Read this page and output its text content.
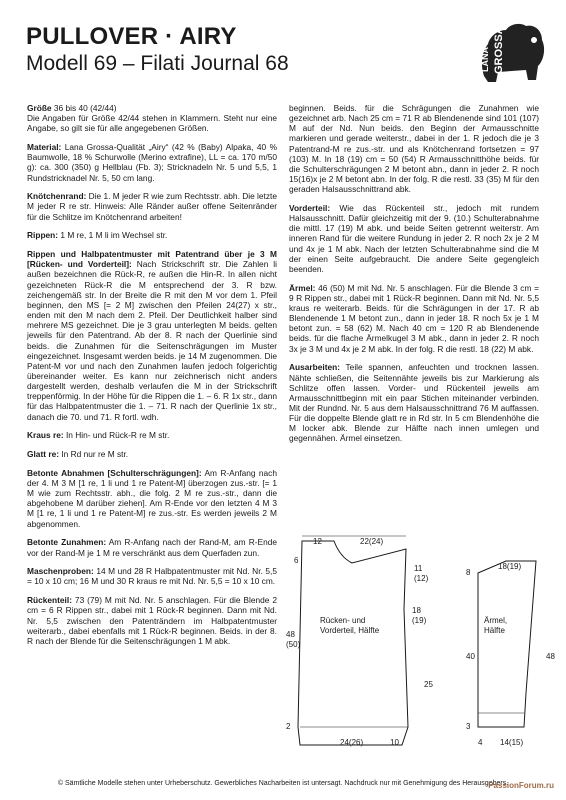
PULLOVER · AIRY
Modell 69 – Filati Journal 68	LANA GROSSA

Größe 36 bis 40 (42/44)
Die Angaben für Größe 42/44 stehen in Klammern. Steht nur eine Angabe, so gilt sie für alle angegebenen Größen.

Material: Lana Grossa-Qualität „Airy“ (42 % (Baby) Alpaka, 40 % Baumwolle, 18 % Schurwolle (Merino extrafine), LL = ca. 170 m/50 g): ca. 300 (350) g Hellblau (Fb. 3); Stricknadeln Nr. 5 und 5,5, 1 Rundstricknadel Nr. 5, 50 cm lang.

Knötchenrand: Die 1. M jeder R wie zum Rechtsstr. abh. Die letzte M jeder R re str. Hinweis: Alle Ränder außer offene Seitenränder für die Schlitze im Knötchenrand arbeiten!

Rippen: 1 M re, 1 M li im Wechsel str.

Rippen und Halbpatentmuster mit Patentrand über je 3 M [Rücken- und Vorderteil]: Nach Strickschrift str. Die Zahlen li außen bezeichnen die Rück-R, re außen die Hin-R. In allen nicht gezeichneten Rück-R die M entsprechend der 3. R bzw. zeichengemäß str. In der Breite die R mit den M vor dem 1. Pfeil beginnen, den MS [= 2 M] zwischen den Pfeilen 24(27) x str., enden mit den M nach dem 2. Pfeil. Der Deutlichkeit halber sind mehrere MS gezeichnet. Die je 3 grau unterlegten M beids. gelten jeweils für den Patentrand. Ab der 8. R nach der Querlinie sind beids. die Zunahmen für die Seitenschrägungen im Muster eingezeichnet. Insgesamt werden beids. je 14 M zugenommen. Die Patent-M vor und nach den Zunahmen laufen jedoch folgerichtig übereinander weiter. Es kann nur zeichnerisch nicht anders dargestellt werden, deshalb verlaufen die M in der Strickschrift treppenförmig. In der Höhe für die Rippen die 1. – 6. R 1x str., dann für das Halbpatentmuster die 1. – 71. R nach der Querlinie 1x str., danach die 70. und 71. R fortl. wdh.

Kraus re: In Hin- und Rück-R re M str.

Glatt re: In Rd nur re M str.

Betonte Abnahmen [Schulterschrägungen]: Am R-Anfang nach der 4. M 3 M [1 re, 1 li und 1 re Patent-M] überzogen zus.-str. [= 1 M wie zum Rechtsstr. abh., die folg. 2 M re zus.-str., dann die abgehobene M darüber ziehen]. Am R-Ende vor den letzten 4 M 3 M [1 re, 1 li und 1 re Patent-M] re zus.-str. Es werden jeweils 2 M abgenommen.

Betonte Zunahmen: Am R-Anfang nach der Rand-M, am R-Ende vor der Rand-M je 1 M re verschränkt aus dem Querfaden zun.

Maschenproben: 14 M und 28 R Halbpatentmuster mit Nd. Nr. 5,5 = 10 x 10 cm; 16 M und 30 R kraus re mit Nd. Nr. 5,5 = 10 x 10 cm.

Rückenteil: 73 (79) M mit Nd. Nr. 5 anschlagen. Für die Blende 2 cm = 6 R Rippen str., dabei mit 1 Rück-R beginnen. Dann mit Nd. Nr. 5,5 zwischen den Patenträndern im Halbpatentmuster weiterarb., dabei ebenfalls mit 1 Rück-R beginnen. Beids. in der 8. R nach der Blende für die Seitenschrägungen 1 M abk.

beginnen. Beids. für die Schrägungen die Zunahmen wie gezeichnet arb. Nach 25 cm = 71 R ab Blendenende sind 101 (107) M auf der Nd. Nun beids. den Beginn der Armausschnitte markieren und gerade weiterstr., dabei in der 1. R jedoch die je 3 Patentrand-M re zus.-str. und als Knötchenrand fortsetzen = 97 (103) M. In 18 (19) cm = 50 (54) R Armausschnitthöhe beids. für die Schulterschrägungen 2 M betont abn., dann in jeder 2. R noch 15(16)x je 2 M betont abn. In der folg. R die restl. 33 (35) M für den geraden Halsausschnittrand abk.

Vorderteil: Wie das Rückenteil str., jedoch mit rundem Halsausschnitt. Dafür gleichzeitig mit der 9. (10.) Schulterabnahme die mittl. 17 (19) M abk. und beide Seiten getrennt weiterstr. Am inneren Rand für die weitere Rundung in jeder 2. R noch 2x je 2 M und 4x je 1 M abk. Nach der letzten Schulterabnahme sind die M der einen Seite aufgebraucht. Die andere Seite gegengleich beenden.

Ärmel: 46 (50) M mit Nd. Nr. 5 anschlagen. Für die Blende 3 cm = 9 R Rippen str., dabei mit 1 Rück-R beginnen. Dann mit Nd. Nr. 5,5 kraus re weiterarb. Beids. für die Schrägungen in der 17. R ab Blendenende 1 M betont zun., dann in jeder 18. R noch 5x je 1 M betont zun. = 58 (62) M. Nach 40 cm = 120 R ab Blendenende beids. für die flache Ärmelkugel 3 M abk., dann in jeder 2. R noch 3x je 3 M und 4x je 2 M abk. In der folg. R die restl. 18 (22) M abk.

Ausarbeiten: Teile spannen, anfeuchten und trocknen lassen. Nähte schließen, die Seitennähte jeweils bis zur Markierung als Schlitze offen lassen. Vorder- und Rückenteil jeweils am Armausschnittbeginn mit ein paar Stichen miteinander verbinden. Mit der Rundnd. Nr. 5 aus dem Halsausschnittrand 76 M auffassen. Für die doppelte Blende glatt re in Rd str. In 5 cm Blendenhöhe die M locker abk. Blende zur Hälfte nach innen umlegen und gegennähen. Ärmel einsetzen.

12	22(24)
6
11 (12)
18 (19)
48 (50)
25
2
24(26)	10
Rücken- und Vorderteil, Hälfte
18(19)
8
40	48
3
4 14(15)
Ärmel, Hälfte
© Sämtliche Modelle stehen unter Urheberschutz. Gewerbliches Nacharbeiten ist untersagt. Nachdruck nur mit Genehmigung des Herausgebers.
PassionForum.ru
